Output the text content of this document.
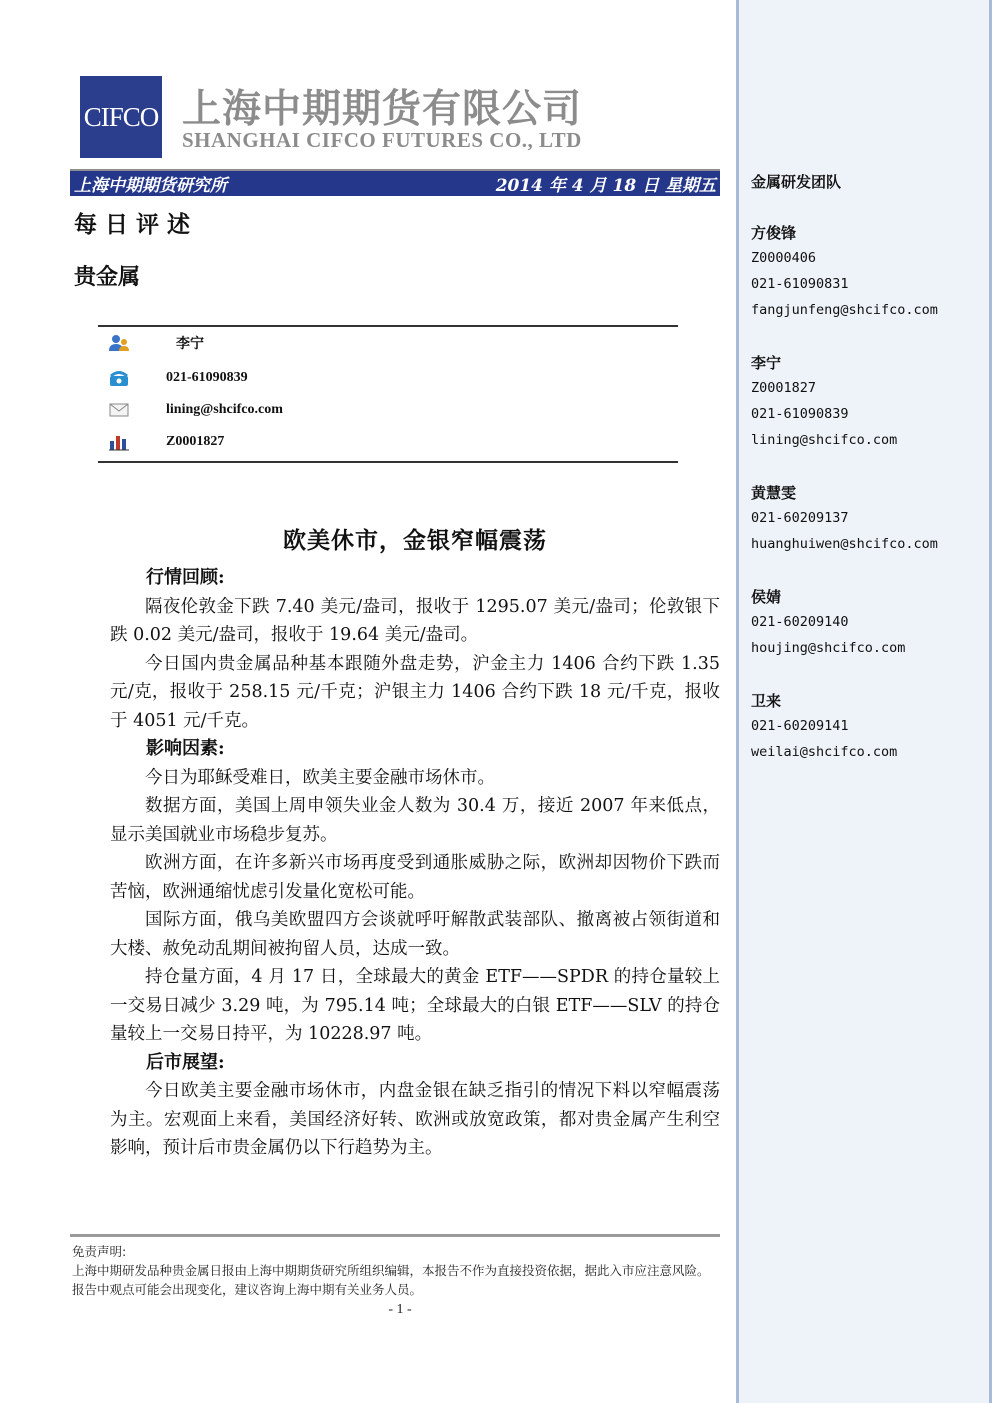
CIFCO 上海中期期货有限公司
SHANGHAI CIFCO FUTURES CO., LTD
上海中期期货研究所	2014 年 4 月 18 日 星期五
每日评述
贵金属
李宁
021-61090839
lining@shcifco.com
Z0001827
欧美休市，金银窄幅震荡

行情回顾:

隔夜伦敦金下跌 7.40 美元/盎司，报收于 1295.07 美元/盎司；伦敦银下跌 0.02 美元/盎司，报收于 19.64 美元/盎司。

今日国内贵金属品种基本跟随外盘走势，沪金主力 1406 合约下跌 1.35 元/克，报收于 258.15 元/千克；沪银主力 1406 合约下跌 18 元/千克，报收于 4051 元/千克。

影响因素:

今日为耶稣受难日，欧美主要金融市场休市。

数据方面，美国上周申领失业金人数为 30.4 万，接近 2007 年来低点，显示美国就业市场稳步复苏。

欧洲方面，在许多新兴市场再度受到通胀威胁之际，欧洲却因物价下跌而苦恼，欧洲通缩忧虑引发量化宽松可能。

国际方面，俄乌美欧盟四方会谈就呼吁解散武装部队、撤离被占领街道和大楼、赦免动乱期间被拘留人员，达成一致。

持仓量方面，4 月 17 日，全球最大的黄金 ETF——SPDR 的持仓量较上一交易日减少 3.29 吨，为 795.14 吨；全球最大的白银 ETF——SLV 的持仓量较上一交易日持平，为 10228.97 吨。

后市展望:

今日欧美主要金融市场休市，内盘金银在缺乏指引的情况下料以窄幅震荡为主。宏观面上来看，美国经济好转、欧洲或放宽政策，都对贵金属产生利空影响，预计后市贵金属仍以下行趋势为主。

免责声明:
上海中期研发品种贵金属日报由上海中期期货研究所组织编辑，本报告不作为直接投资依据，据此入市应注意风险。报告中观点可能会出现变化，建议咨询上海中期有关业务人员。
- 1 -
金属研发团队
方俊锋
Z0000406
021-61090831
fangjunfeng@shcifco.com
李宁
Z0001827
021-61090839
lining@shcifco.com
黄慧雯
021-60209137
huanghuiwen@shcifco.com
侯婧
021-60209140
houjing@shcifco.com
卫来
021-60209141
weilai@shcifco.com
